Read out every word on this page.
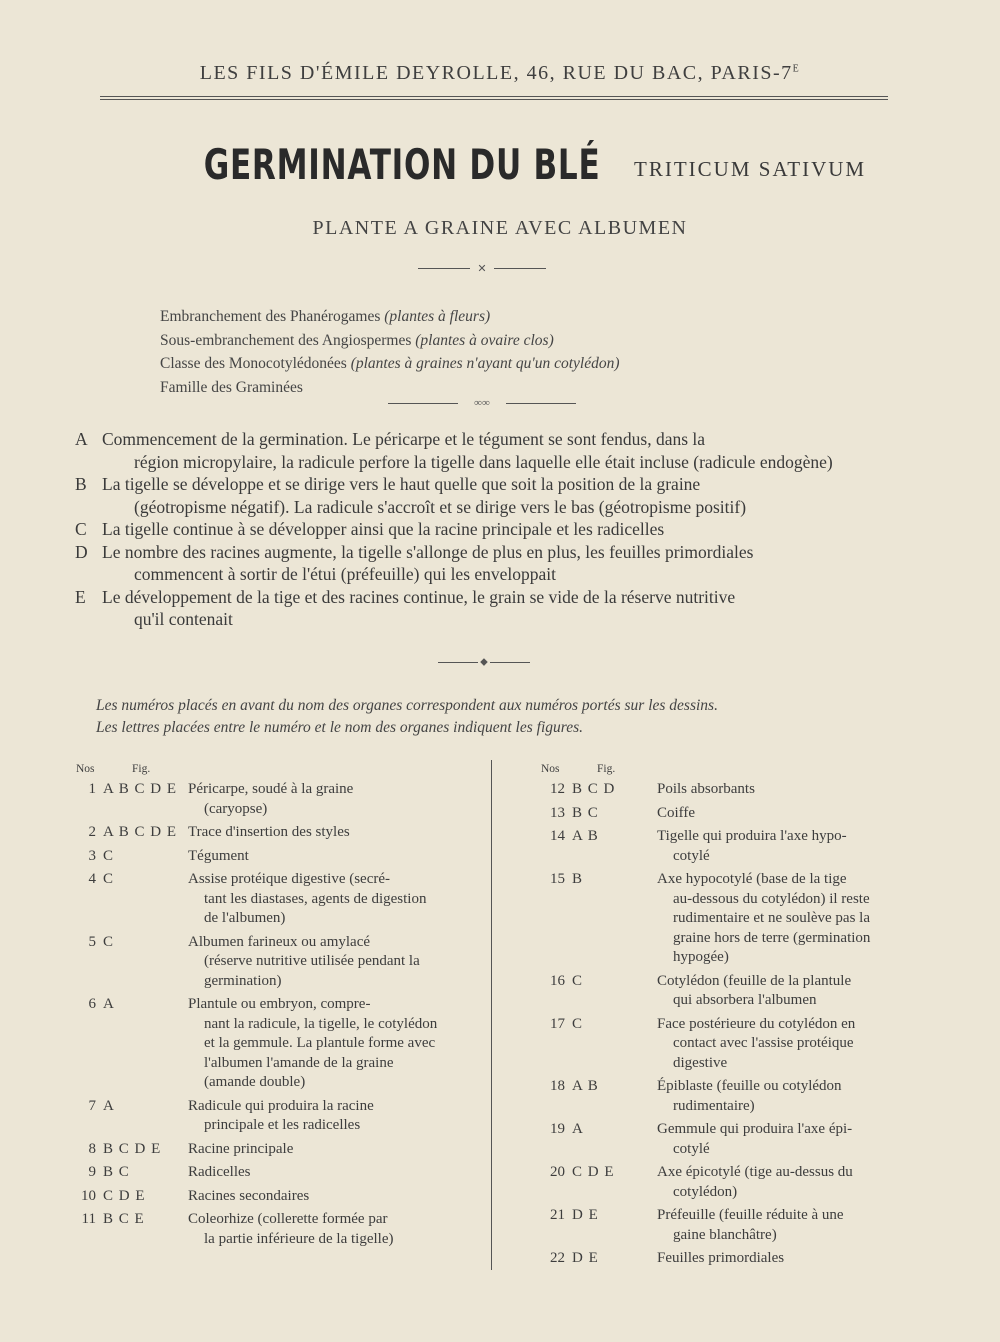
LES FILS D'ÉMILE DEYROLLE, 46, RUE DU BAC, PARIS-$7^E$
GERMINATION DU BLÉ TRITICUM SATIVUM
PLANTE A GRAINE AVEC ALBUMEN
✕
Embranchement des Phanérogames (plantes à fleurs)
Sous-embranchement des Angiospermes (plantes à ovaire clos)
Classe des Monocotylédonées (plantes à graines n'ayant qu'un cotylédon)
Famille des Graminées
∞∞
A Commencement de la germination. Le péricarpe et le tégument se sont fendus, dans la
région micropylaire, la radicule perfore la tigelle dans laquelle elle était incluse (radicule endogène)
B La tigelle se développe et se dirige vers le haut quelle que soit la position de la graine
(géotropisme négatif). La radicule s'accroît et se dirige vers le bas (géotropisme positif)
C La tigelle continue à se développer ainsi que la racine principale et les radicelles
D Le nombre des racines augmente, la tigelle s'allonge de plus en plus, les feuilles primordiales
commencent à sortir de l'étui (préfeuille) qui les enveloppait
E Le développement de la tige et des racines continue, le grain se vide de la réserve nutritive
qu'il contenait
⬥
Les numéros placés en avant du nom des organes correspondent aux numéros portés sur les dessins.
Les lettres placées entre le numéro et le nom des organes indiquent les figures.
Nos	Fig.
1 A B C D E Péricarpe, soudé à la graine
(caryopse)
2 A B C D E Trace d'insertion des styles
3 C	Tégument
4 C	Assise protéique digestive (secré-
tant les diastases, agents de digestion de l'albumen)
5 C	Albumen farineux ou amylacé
(réserve nutritive utilisée pendant la germination)
6 A	Plantule ou embryon, compre-
nant la radicule, la tigelle, le cotylédon et la gemmule. La plantule forme avec l'albumen l'amande de la graine (amande double)
7 A	Radicule qui produira la racine
principale et les radicelles
8 B C D E	Racine principale
9 B C	Radicelles
10 C D E	Racines secondaires
11 B C E	Coleorhize (collerette formée par
la partie inférieure de la tigelle)
Nos	Fig.
12 B C D	Poils absorbants
13 B C	Coiffe
14 A B	Tigelle qui produira l'axe hypo-
cotylé
15 B	Axe hypocotylé (base de la tige
au-dessous du cotylédon) il reste rudimentaire et ne soulève pas la graine hors de terre (germination hypogée)
16 C	Cotylédon (feuille de la plantule
qui absorbera l'albumen
17 C	Face postérieure du cotylédon en
contact avec l'assise protéique digestive
18 A B	Épiblaste (feuille ou cotylédon
rudimentaire)
19 A	Gemmule qui produira l'axe épi-
cotylé
20 C D E	Axe épicotylé (tige au-dessus du
cotylédon)
21 D E	Préfeuille (feuille réduite à une
gaine blanchâtre)
22 D E	Feuilles primordiales
